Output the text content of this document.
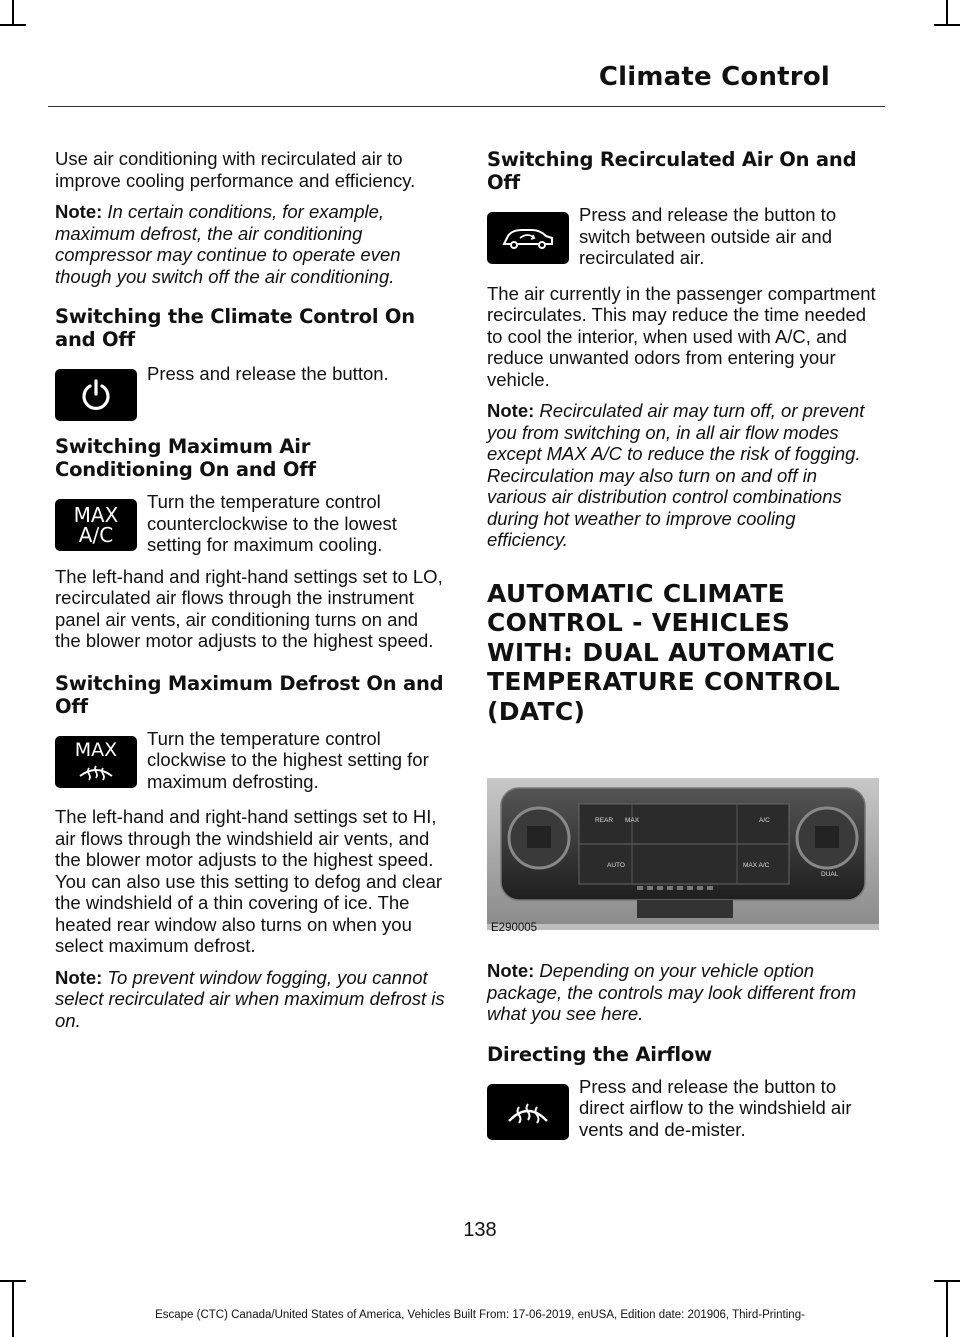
Climate Control

Use air conditioning with recirculated air to improve cooling performance and efficiency.

Note: In certain conditions, for example, maximum defrost, the air conditioning compressor may continue to operate even though you switch off the air conditioning.

Switching the Climate Control On and Off

Press and release the button.

Switching Maximum Air Conditioning On and Off

MAX
A/C
Turn the temperature control counterclockwise to the lowest setting for maximum cooling.

The left-hand and right-hand settings set to LO, recirculated air flows through the instrument panel air vents, air conditioning turns on and the blower motor adjusts to the highest speed.

Switching Maximum Defrost On and Off

MAX
Turn the temperature control clockwise to the highest setting for maximum defrosting.

The left-hand and right-hand settings set to HI, air flows through the windshield air vents, and the blower motor adjusts to the highest speed. You can also use this setting to defog and clear the windshield of a thin covering of ice. The heated rear window also turns on when you select maximum defrost.

Note: To prevent window fogging, you cannot select recirculated air when maximum defrost is on.

Switching Recirculated Air On and Off

Press and release the button to switch between outside air and recirculated air.

The air currently in the passenger compartment recirculates. This may reduce the time needed to cool the interior, when used with A/C, and reduce unwanted odors from entering your vehicle.

Note: Recirculated air may turn off, or prevent you from switching on, in all air flow modes except MAX A/C to reduce the risk of fogging. Recirculation may also turn on and off in various air distribution control combinations during hot weather to improve cooling efficiency.

AUTOMATIC CLIMATE CONTROL - VEHICLES WITH: DUAL AUTOMATIC TEMPERATURE CONTROL (DATC)

REAR MAX	A/C
AUTO	MAX A/C
DUAL
E290005

Note: Depending on your vehicle option package, the controls may look different from what you see here.

Directing the Airflow

Press and release the button to direct airflow to the windshield air vents and de-mister.
138
Escape (CTC) Canada/United States of America, Vehicles Built From: 17-06-2019, enUSA, Edition date: 201906, Third-Printing-
